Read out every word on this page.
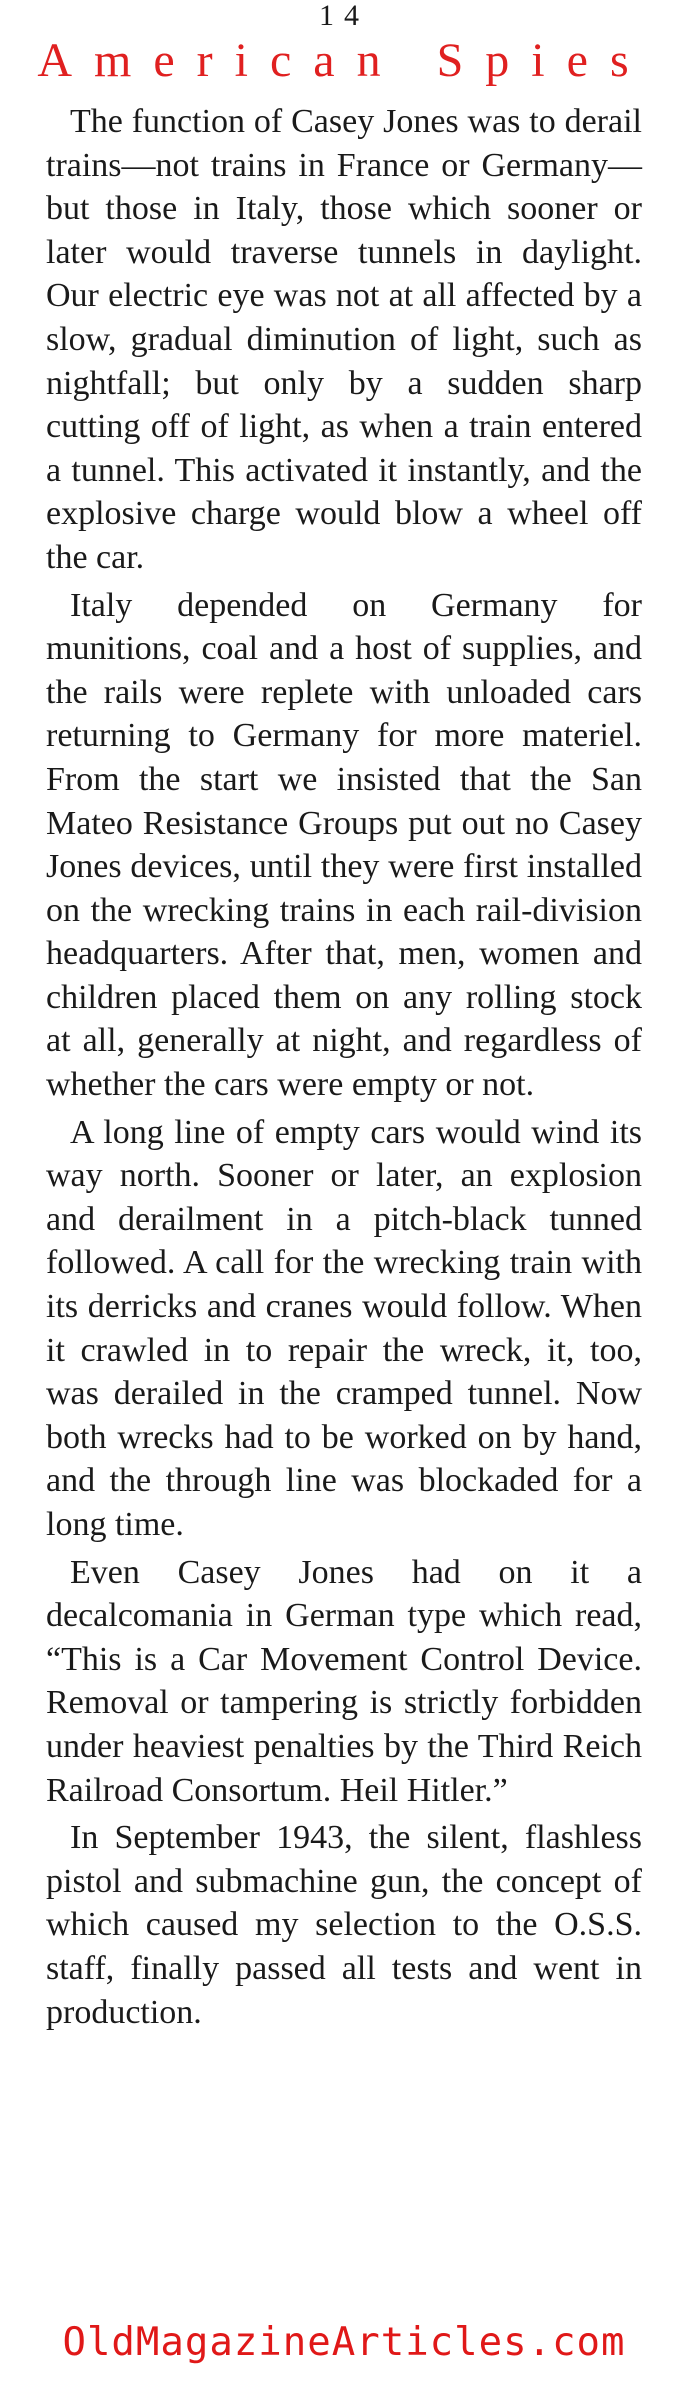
14
American Spies

The function of Casey Jones was to derail trains—not trains in France or Germany—but those in Italy, those which sooner or later would traverse tunnels in daylight. Our electric eye was not at all affected by a slow, gradual diminution of light, such as nightfall; but only by a sudden sharp cutting off of light, as when a train entered a tunnel. This activated it instantly, and the explosive charge would blow a wheel off the car.

Italy depended on Germany for munitions, coal and a host of supplies, and the rails were replete with unloaded cars returning to Germany for more materiel. From the start we insisted that the San Mateo Resistance Groups put out no Casey Jones devices, until they were first installed on the wrecking trains in each rail-division headquarters. After that, men, women and children placed them on any rolling stock at all, generally at night, and regardless of whether the cars were empty or not.

A long line of empty cars would wind its way north. Sooner or later, an explosion and derailment in a pitch-black tunned followed. A call for the wrecking train with its derricks and cranes would follow. When it crawled in to repair the wreck, it, too, was derailed in the cramped tunnel. Now both wrecks had to be worked on by hand, and the through line was blockaded for a long time.

Even Casey Jones had on it a decalcomania in German type which read, “This is a Car Movement Control Device. Removal or tampering is strictly forbidden under heaviest penalties by the Third Reich Railroad Consortum. Heil Hitler.”

In September 1943, the silent, flashless pistol and submachine gun, the concept of which caused my selection to the O.S.S. staff, finally passed all tests and went in production.

OldMagazineArticles.com
